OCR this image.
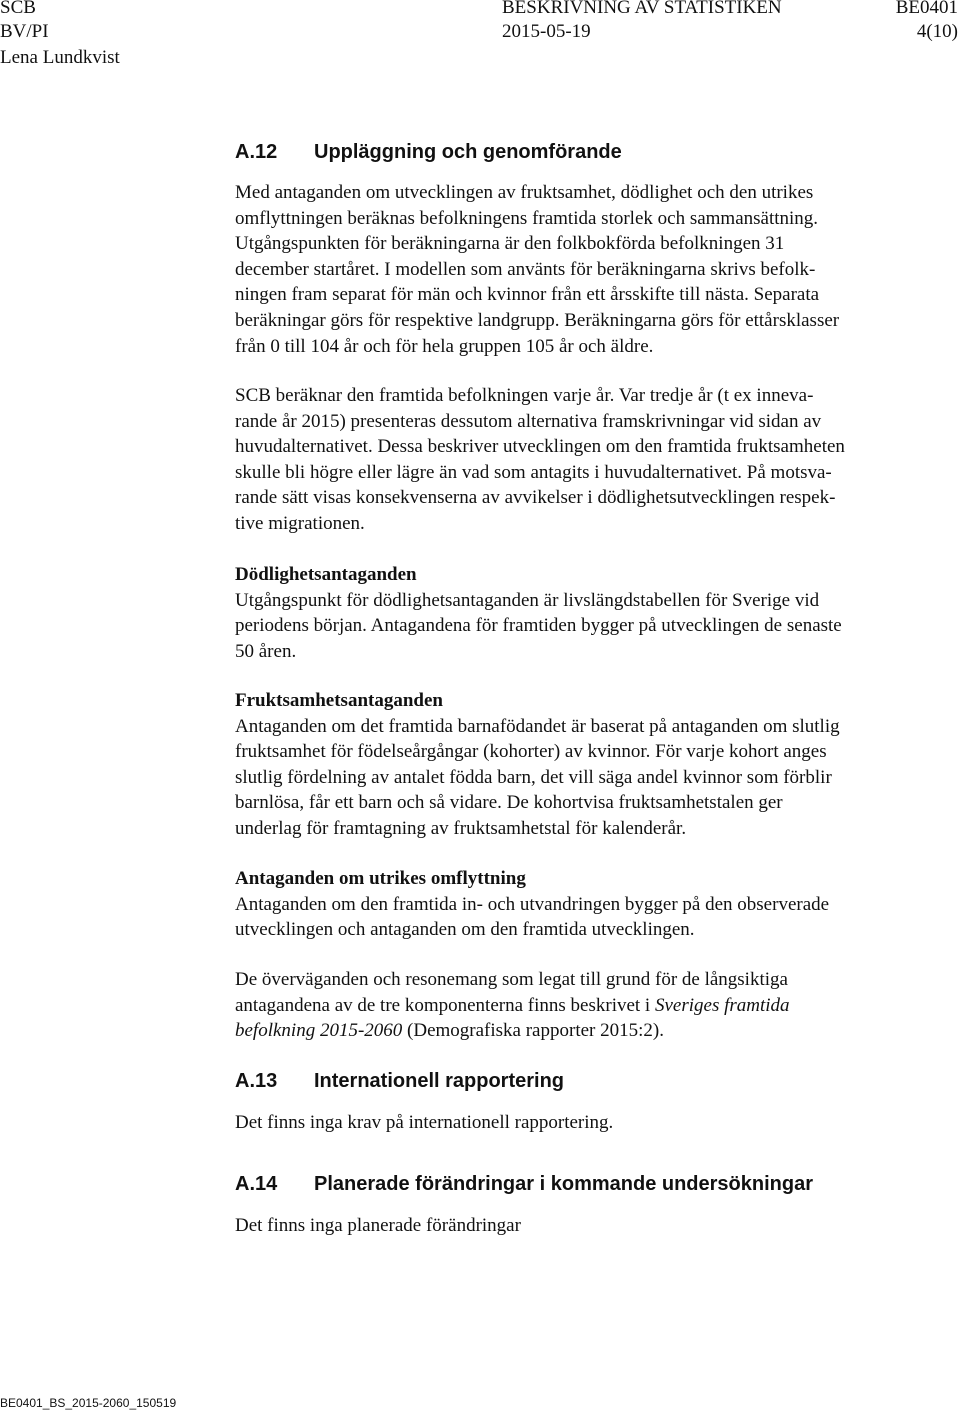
SCB
BV/PI
Lena Lundkvist
BESKRIVNING AV STATISTIKEN
2015-05-19
BE0401
4(10)
A.12 Uppläggning och genomförande
Med antaganden om utvecklingen av fruktsamhet, dödlighet och den utrikes
omflyttningen beräknas befolkningens framtida storlek och sammansättning.
Utgångspunkten för beräkningarna är den folkbokförda befolkningen 31
december startåret. I modellen som använts för beräkningarna skrivs befolk-
ningen fram separat för män och kvinnor från ett årsskifte till nästa. Separata
beräkningar görs för respektive landgrupp. Beräkningarna görs för ettårsklasser
från 0 till 104 år och för hela gruppen 105 år och äldre.
SCB beräknar den framtida befolkningen varje år. Var tredje år (t ex inneva-
rande år 2015) presenteras dessutom alternativa framskrivningar vid sidan av
huvudalternativet. Dessa beskriver utvecklingen om den framtida fruktsamheten
skulle bli högre eller lägre än vad som antagits i huvudalternativet. På motsva-
rande sätt visas konsekvenserna av avvikelser i dödlighetsutvecklingen respek-
tive migrationen.
Dödlighetsantaganden
Utgångspunkt för dödlighetsantaganden är livslängdstabellen för Sverige vid
periodens början. Antagandena för framtiden bygger på utvecklingen de senaste
50 åren.
Fruktsamhetsantaganden
Antaganden om det framtida barnafödandet är baserat på antaganden om slutlig
fruktsamhet för födelseårgångar (kohorter) av kvinnor. För varje kohort anges
slutlig fördelning av antalet födda barn, det vill säga andel kvinnor som förblir
barnlösa, får ett barn och så vidare. De kohortvisa fruktsamhetstalen ger
underlag för framtagning av fruktsamhetstal för kalenderår.
Antaganden om utrikes omflyttning
Antaganden om den framtida in- och utvandringen bygger på den observerade
utvecklingen och antaganden om den framtida utvecklingen.
De överväganden och resonemang som legat till grund för de långsiktiga
antagandena av de tre komponenterna finns beskrivet i Sveriges framtida
befolkning 2015-2060 (Demografiska rapporter 2015:2).
A.13 Internationell rapportering
Det finns inga krav på internationell rapportering.
A.14 Planerade förändringar i kommande undersökningar
Det finns inga planerade förändringar
BE0401_BS_2015-2060_150519
